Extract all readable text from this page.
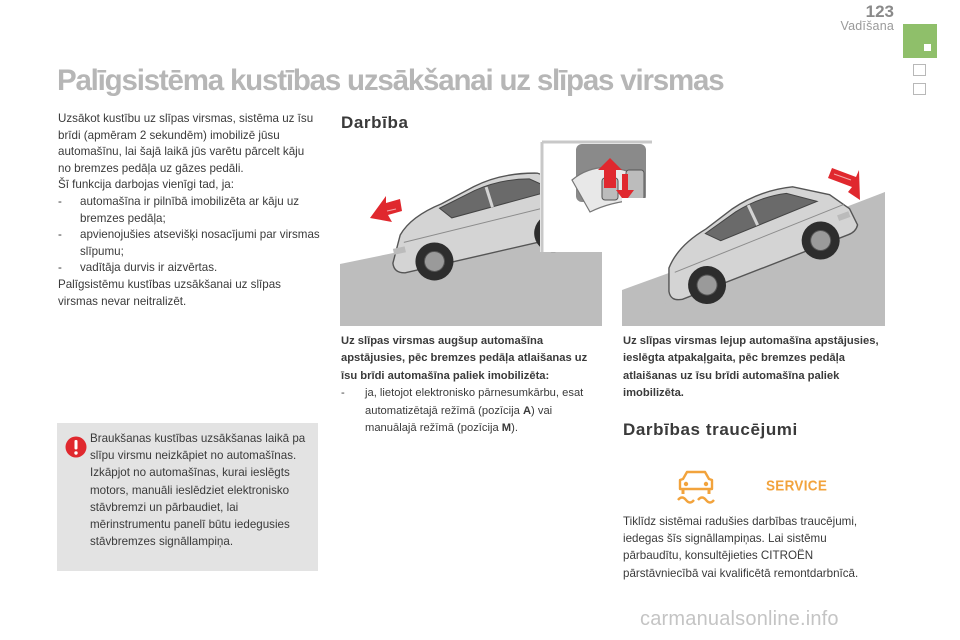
123
Vadīšana
Palīgsistēma kustības uzsākšanai uz slīpas virsmas

Uzsākot kustību uz slīpas virsmas, sistēma uz īsu brīdi (apmēram 2 sekundēm) imobilizē jūsu automašīnu, lai šajā laikā jūs varētu pārcelt kāju no bremzes pedāļa uz gāzes pedāli.

Šī funkcija darbojas vienīgi tad, ja:

- automašīna ir pilnībā imobilizēta ar kāju uz bremzes pedāļa;
- apvienojušies atsevišķi nosacījumi par virsmas slīpumu;
- vadītāja durvis ir aizvērtas.

Palīgsistēmu kustības uzsākšanai uz slīpas virsmas nevar neitralizēt.

Braukšanas kustības uzsākšanas laikā pa slīpu virsmu neizkāpiet no automašīnas.
Izkāpjot no automašīnas, kurai ieslēgts motors, manuāli ieslēdziet elektronisko stāvbremzi un pārbaudiet, lai mērinstrumentu panelī būtu iedegusies stāvbremzes signāllampiņa.
Darbība
Uz slīpas virsmas augšup automašīna apstājusies, pēc bremzes pedāļa atlaišanas uz īsu brīdi automašīna paliek imobilizēta:
- ja, lietojot elektronisko pārnesumkārbu, esat automatizētajā režīmā (pozīcija A) vai manuālajā režīmā (pozīcija M).
Uz slīpas virsmas lejup automašīna apstājusies, ieslēgta atpakaļgaita, pēc bremzes pedāļa atlaišanas uz īsu brīdi automašīna paliek imobilizēta.
Darbības traucējumi
SERVICE

Tiklīdz sistēmai radušies darbības traucējumi, iedegas šīs signāllampiņas. Lai sistēmu pārbaudītu, konsultējieties CITROËN pārstāvniecībā vai kvalificētā remontdarbnīcā.

carmanualsonline.info
